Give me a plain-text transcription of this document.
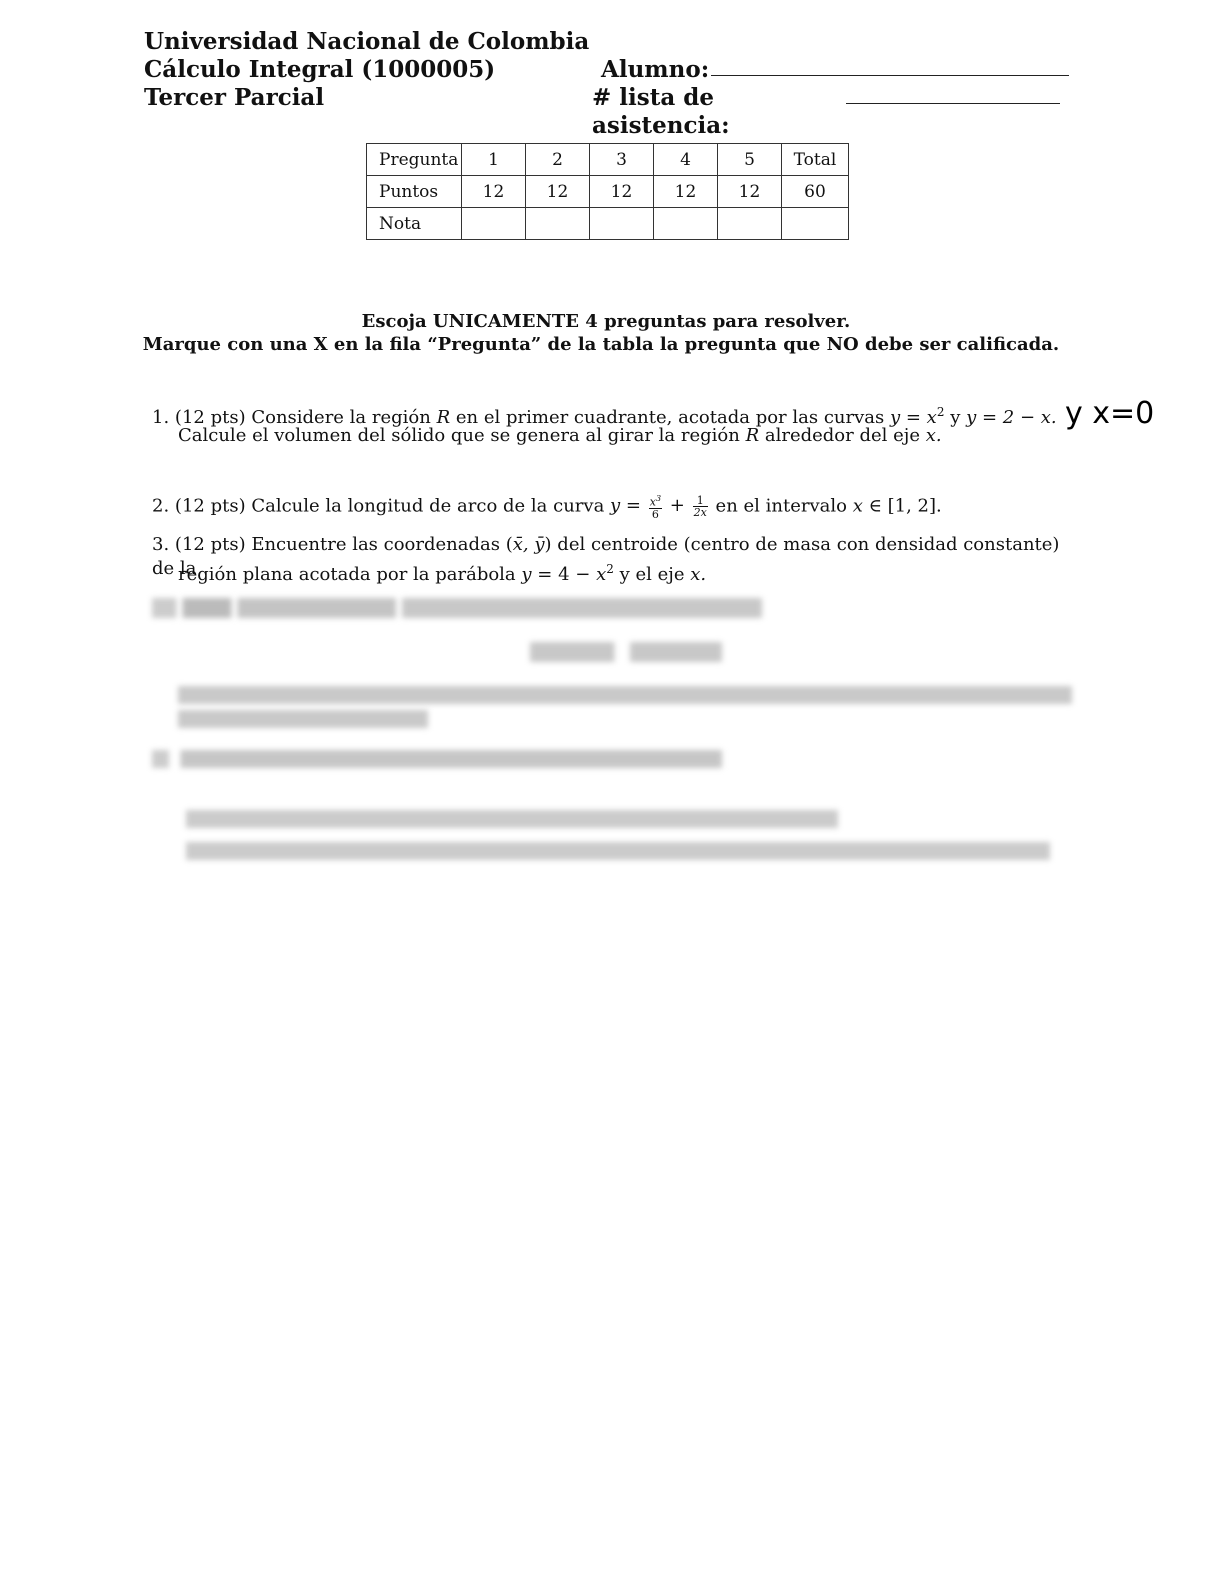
Universidad Nacional de Colombia
Cálculo Integral (1000005)
Tercer Parcial
Alumno:
# lista de asistencia:
Pregunta	1	2	3	4	5	Total
Puntos	12	12	12	12	12	60
Nota						
Escoja UNICAMENTE 4 preguntas para resolver.
Marque con una X en la fila “Pregunta” de la tabla la pregunta que NO debe ser calificada.
1. (12 pts) Considere la región R en el primer cuadrante, acotada por las curvas $y = x^2$ y y = 2 − x.
Calcule el volumen del sólido que se genera al girar la región R alrededor del eje x.
y x=0
2. (12 pts) Calcule la longitud de arco de la curva $y = \frac{x^3}{6} + \frac{1}{2x}$ en el intervalo x ∈ [1, 2].
3. (12 pts) Encuentre las coordenadas (x̄, ȳ) del centroide (centro de masa con densidad constante) de la
región plana acotada por la parábola $y = 4 - x^2$ y el eje x.
